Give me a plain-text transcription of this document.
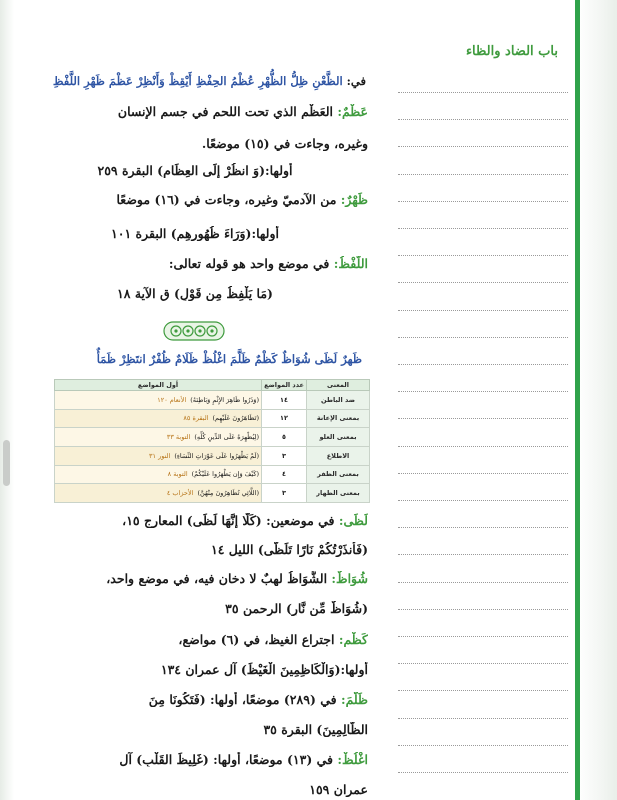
باب الضاد والظاء
في: الظَّعْنِ ظِلُّ الظُّهْرِ عُظْمُ الحِفْظِ أَيْقِظْ وَأَنْظِرْ عَظْمَ ظَهْرِ اللَّفْظِ
عَظْمٌ: العَظْم الذي تحت اللحم في جسم الإنسان
وغيره، وجاءت في (١٥) موضعًا.
أولها:(وَ انظُرْ إِلَى العِظَامِ) البقرة ٢٥٩
ظَهْرٌ: من الآدميّ وغيره، وجاءت في (١٦) موضعًا
أولها:(وَرَاءَ ظُهُورِهِم) البقرة ١٠١
اللَّفْظُ: في موضع واحد هو قوله تعالى:
(مَا يَلْفِظُ مِن قَوْلٍ) ق الآية ١٨
ظَهرٌ لَظَى شُوَاظٌ كَظْمٌ ظَلَّمَ اغْلُظْ ظَلَامٌ ظُفْرٌ انتَظِرْ ظَمَأٌ
المعنى	عدد المواضع	أول المواضع
ضد الباطن	١٤	(وَذَرُوا ظَاهِرَ الإِثْمِ وَبَاطِنَهُ)الأنعام ١٢٠
بمعنى الإعانة	١٢	(تَظَاهَرُونَ عَلَيْهِم)البقرة ٨٥
بمعنى العلو	٥	(لِيُظْهِرَهُ عَلَى الدِّينِ كُلِّهِ)التوبة ٣٣
الاطلاع	٣	(لَمْ يَظْهَرُوا عَلَى عَوْرَاتِ النِّسَاءِ)النور ٣١
بمعنى الظفر	٤	(كَيْفَ وَإِن يَظْهَرُوا عَلَيْكُمْ)التوبة ٨
بمعنى الظهار	٣	(اللَّائِي تُظَاهِرُونَ مِنْهُنَّ)الأحزاب ٤
لَظَى: في موضعين: (كَلَّا إِنَّهَا لَظَى) المعارج ١٥،
(فَأَنذَرْتُكُمْ نَارًا تَلَظَّى) الليل ١٤
شُوَاظٌ: الشُّوَاظُ لهبٌ لا دخان فيه، في موضع واحد،
(شُوَاظٌ مِّن نَّارٍ) الرحمن ٣٥
كَظْم: اجتراع الغيظ، في (٦) مواضع،
أولها:(وَالْكَاظِمِينَ الْغَيْظَ) آل عمران ١٣٤
ظَلَّمَ: في (٢٨٩) موضعًا، أولها: (فَتَكُونَا مِنَ
الظَّالِمِينَ) البقرة ٣٥
اغْلُظْ: في (١٣) موضعًا، أولها: (غَلِيظَ القَلْبِ) آل
عمران ١٥٩
